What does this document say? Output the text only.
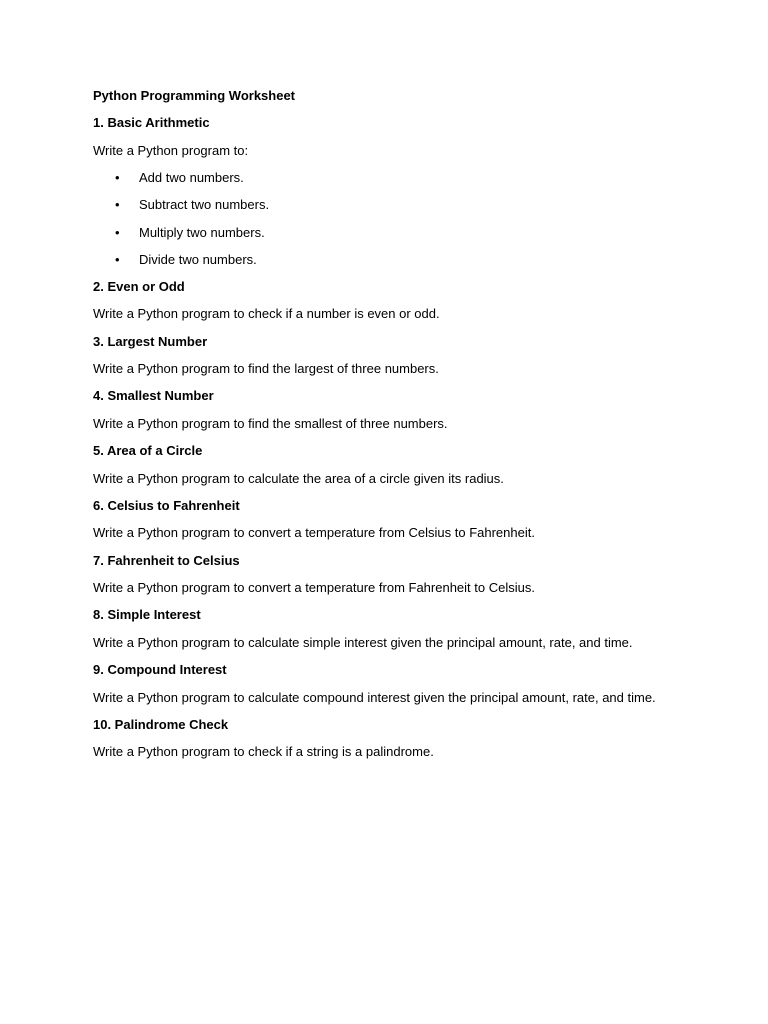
Python Programming Worksheet
1. Basic Arithmetic
Write a Python program to:
• Add two numbers.
• Subtract two numbers.
• Multiply two numbers.
• Divide two numbers.
2. Even or Odd
Write a Python program to check if a number is even or odd.
3. Largest Number
Write a Python program to find the largest of three numbers.
4. Smallest Number
Write a Python program to find the smallest of three numbers.
5. Area of a Circle
Write a Python program to calculate the area of a circle given its radius.
6. Celsius to Fahrenheit
Write a Python program to convert a temperature from Celsius to Fahrenheit.
7. Fahrenheit to Celsius
Write a Python program to convert a temperature from Fahrenheit to Celsius.
8. Simple Interest
Write a Python program to calculate simple interest given the principal amount, rate, and time.
9. Compound Interest
Write a Python program to calculate compound interest given the principal amount, rate, and time.
10. Palindrome Check
Write a Python program to check if a string is a palindrome.
